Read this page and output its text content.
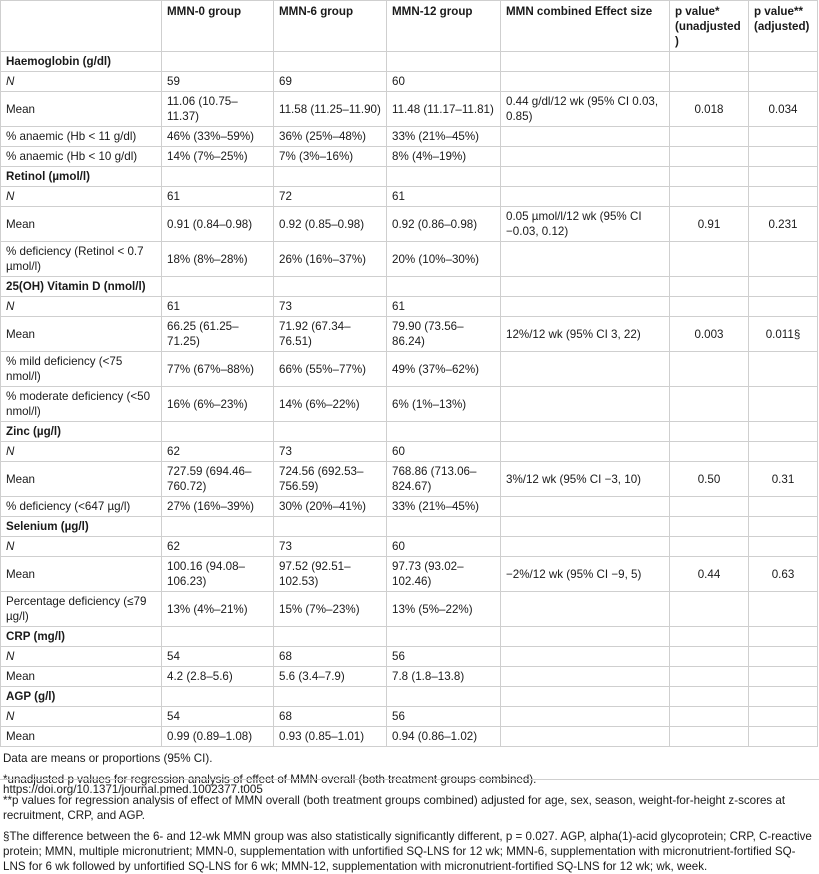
	MMN-0 group	MMN-6 group	MMN-12 group	MMN combined Effect size	p value* (unadjusted)	p value** (adjusted)
Haemoglobin (g/dl)						
N	59	69	60			
Mean	11.06 (10.75–11.37)	11.58 (11.25–11.90)	11.48 (11.17–11.81)	0.44 g/dl/12 wk (95% CI 0.03, 0.85)	0.018	0.034
% anaemic (Hb < 11 g/dl)	46% (33%–59%)	36% (25%–48%)	33% (21%–45%)			
% anaemic (Hb < 10 g/dl)	14% (7%–25%)	7% (3%–16%)	8% (4%–19%)			
Retinol (µmol/l)						
N	61	72	61			
Mean	0.91 (0.84–0.98)	0.92 (0.85–0.98)	0.92 (0.86–0.98)	0.05 µmol/l/12 wk (95% CI −0.03, 0.12)	0.91	0.231
% deficiency (Retinol < 0.7 µmol/l)	18% (8%–28%)	26% (16%–37%)	20% (10%–30%)			
25(OH) Vitamin D (nmol/l)						
N	61	73	61			
Mean	66.25 (61.25–71.25)	71.92 (67.34–76.51)	79.90 (73.56–86.24)	12%/12 wk (95% CI 3, 22)	0.003	0.011§
% mild deficiency (<75 nmol/l)	77% (67%–88%)	66% (55%–77%)	49% (37%–62%)			
% moderate deficiency (<50 nmol/l)	16% (6%–23%)	14% (6%–22%)	6% (1%–13%)			
Zinc (µg/l)						
N	62	73	60			
Mean	727.59 (694.46–760.72)	724.56 (692.53–756.59)	768.86 (713.06–824.67)	3%/12 wk (95% CI −3, 10)	0.50	0.31
% deficiency (<647 µg/l)	27% (16%–39%)	30% (20%–41%)	33% (21%–45%)			
Selenium (µg/l)						
N	62	73	60			
Mean	100.16 (94.08–106.23)	97.52 (92.51–102.53)	97.73 (93.02–102.46)	−2%/12 wk (95% CI −9, 5)	0.44	0.63
Percentage deficiency (≤79 µg/l)	13% (4%–21%)	15% (7%–23%)	13% (5%–22%)			
CRP (mg/l)						
N	54	68	56			
Mean	4.2 (2.8–5.6)	5.6 (3.4–7.9)	7.8 (1.8–13.8)			
AGP (g/l)						
N	54	68	56			
Mean	0.99 (0.89–1.08)	0.93 (0.85–1.01)	0.94 (0.86–1.02)			

Data are means or proportions (95% CI).

*unadjusted p values for regression analysis of effect of MMN overall (both treatment groups combined).

**p values for regression analysis of effect of MMN overall (both treatment groups combined) adjusted for age, sex, season, weight-for-height z-scores at recruitment, CRP, and AGP.

§The difference between the 6- and 12-wk MMN group was also statistically significantly different, p = 0.027. AGP, alpha(1)-acid glycoprotein; CRP, C-reactive protein; MMN, multiple micronutrient; MMN-0, supplementation with unfortified SQ-LNS for 12 wk; MMN-6, supplementation with micronutrient-fortified SQ-LNS for 6 wk followed by unfortified SQ-LNS for 6 wk; MMN-12, supplementation with micronutrient-fortified SQ-LNS for 12 wk; wk, week.

https://doi.org/10.1371/journal.pmed.1002377.t005
